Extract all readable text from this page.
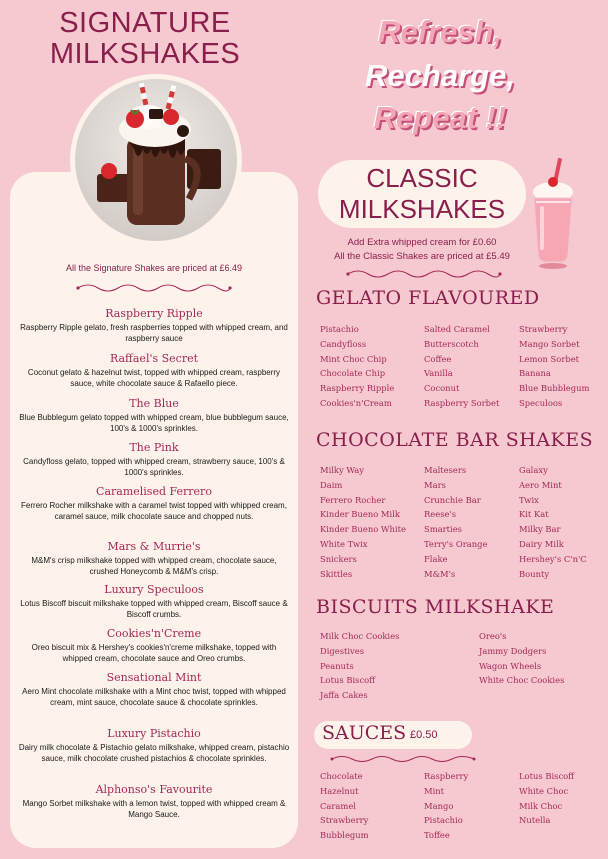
SIGNATURE
MILKSHAKES
All the Signature Shakes are priced at £6.49
Raspberry Ripple
Raspberry Ripple gelato, fresh raspberries topped with whipped cream, and raspberry sauce
Raffael's Secret
Coconut gelato & hazelnut twist, topped with whipped cream, raspberry sauce, white chocolate sauce & Rafaello piece.
The Blue
Blue Bubblegum gelato topped with whipped cream, blue bubblegum sauce, 100's & 1000's sprinkles.
The Pink
Candyfloss gelato, topped with whipped cream, strawberry sauce, 100's & 1000's sprinkles.
Caramelised Ferrero
Ferrero Rocher milkshake with a caramel twist topped with whipped cream, caramel sauce, milk chocolate sauce and chopped nuts.
Mars & Murrie's
M&M's crisp milkshake topped with whipped cream, chocolate sauce, crushed Honeycomb & M&M's crisp.
Luxury Speculoos
Lotus Biscoff biscuit milkshake topped with whipped cream, Biscoff sauce & Biscoff crumbs.
Cookies'n'Creme
Oreo biscuit mix & Hershey's cookies'n'creme milkshake, topped with whipped cream, chocolate sauce and Oreo crumbs.
Sensational Mint
Aero Mint chocolate milkshake with a Mint choc twist, topped with whipped cream, mint sauce, chocolate sauce & chocolate sprinkles.
Luxury Pistachio
Dairy milk chocolate & Pistachio gelato milkshake, whipped cream, pistachio sauce, milk chocolate crushed pistachios & chocolate sprinkles.
Alphonso's Favourite
Mango Sorbet milkshake with a lemon twist, topped with whipped cream & Mango Sauce.
Refresh,
Recharge,
Repeat !!
CLASSIC
MILKSHAKES
Add Extra whipped cream for £0.60
All the Classic Shakes are priced at £5.49
GELATO FLAVOURED
Pistachio
Candyfloss
Mint Choc Chip
Chocolate Chip
Raspberry Ripple
Cookies'n'Cream
Salted Caramel
Butterscotch
Coffee
Vanilla
Coconut
Raspberry Sorbet
Strawberry
Mango Sorbet
Lemon Sorbet
Banana
Blue Bubblegum
Speculoos
CHOCOLATE BAR SHAKES
Milky Way
Daim
Ferrero Rocher
Kinder Bueno Milk
Kinder Bueno White
White Twix
Snickers
Skittles
Maltesers
Mars
Crunchie Bar
Reese's
Smarties
Terry's Orange
Flake
M&M's
Galaxy
Aero Mint
Twix
Kit Kat
Milky Bar
Dairy Milk
Hershey's C'n'C
Bounty
BISCUITS MILKSHAKE
Milk Choc Cookies
Digestives
Peanuts
Lotus Biscoff
Jaffa Cakes
Oreo's
Jammy Dodgers
Wagon Wheels
White Choc Cookies
SAUCES £0.50
Chocolate
Hazelnut
Caramel
Strawberry
Bubblegum
Raspberry
Mint
Mango
Pistachio
Toffee
Lotus Biscoff
White Choc
Milk Choc
Nutella
